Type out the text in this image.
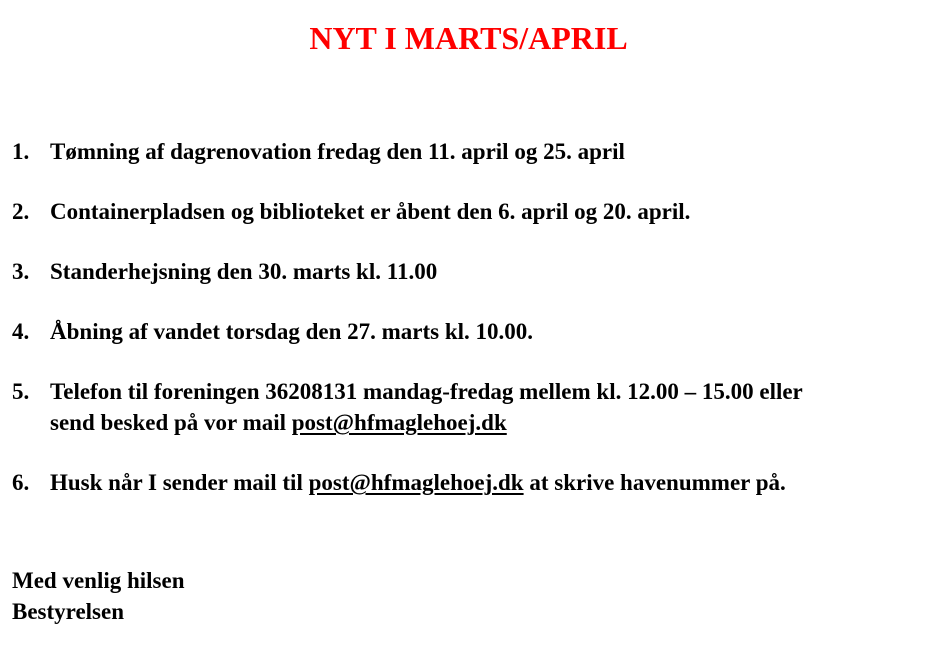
NYT I MARTS/APRIL
1. Tømning af dagrenovation fredag den 11. april og 25. april
2. Containerpladsen og biblioteket er åbent den 6. april og 20. april.
3. Standerhejsning den 30. marts kl. 11.00
4. Åbning af vandet torsdag den 27. marts kl. 10.00.
5. Telefon til foreningen 36208131 mandag-fredag mellem kl. 12.00 – 15.00 eller
send besked på vor mail post@hfmaglehoej.dk
6. Husk når I sender mail til post@hfmaglehoej.dk at skrive havenummer på.
Med venlig hilsen
Bestyrelsen
